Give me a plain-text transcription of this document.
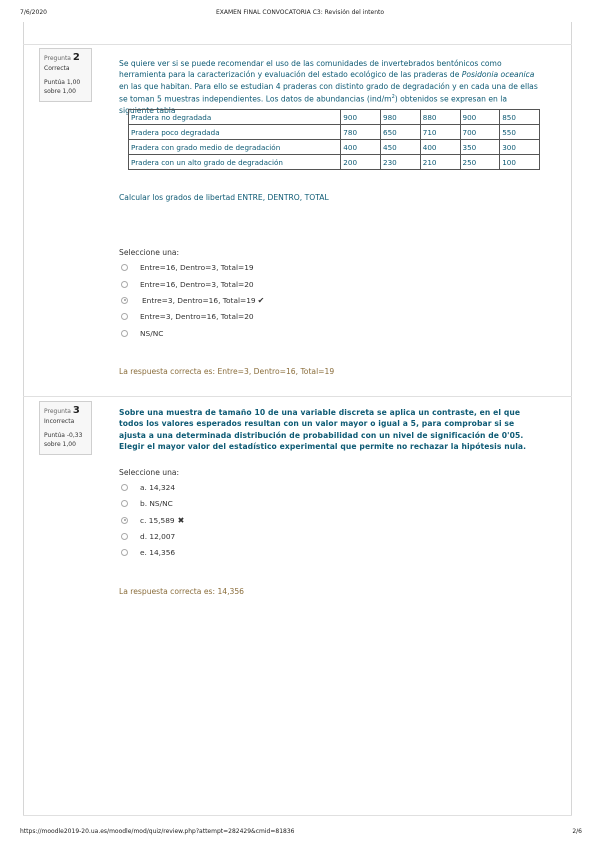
7/6/2020	EXAMEN FINAL CONVOCATORIA C3: Revisión del intento
Pregunta 2
Correcta
Puntúa 1,00 sobre 1,00
Se quiere ver si se puede recomendar el uso de las comunidades de invertebrados bentónicos como herramienta para la caracterización y evaluación del estado ecológico de las praderas de Posidonia oceanica en las que habitan. Para ello se estudian 4 praderas con distinto grado de degradación y en cada una de ellas se toman 5 muestras independientes. Los datos de abundancias $(ind/m^2)$ obtenidos se expresan en la siguiente tabla
Pradera no degradada	900	980	880	900	850
Pradera poco degradada	780	650	710	700	550
Pradera con grado medio de degradación	400	450	400	350	300
Pradera con un alto grado de degradación	200	230	210	250	100
Calcular los grados de libertad ENTRE, DENTRO, TOTAL
Seleccione una:
Entre=16, Dentro=3, Total=19
Entre=16, Dentro=3, Total=20
Entre=3, Dentro=16, Total=19 ✔
Entre=3, Dentro=16, Total=20
NS/NC
La respuesta correcta es: Entre=3, Dentro=16, Total=19
Pregunta 3
Incorrecta
Puntúa -0,33 sobre 1,00
Sobre una muestra de tamaño 10 de una variable discreta se aplica un contraste, en el que todos los valores esperados resultan con un valor mayor o igual a 5, para comprobar si se ajusta a una determinada distribución de probabilidad con un nivel de significación de 0'05. Elegir el mayor valor del estadístico experimental que permite no rechazar la hipótesis nula.
Seleccione una:
a. 14,324
b. NS/NC
c. 15,589 ✖
d. 12,007
e. 14,356
La respuesta correcta es: 14,356
https://moodle2019-20.ua.es/moodle/mod/quiz/review.php?attempt=282429&cmid=81836	2/6
